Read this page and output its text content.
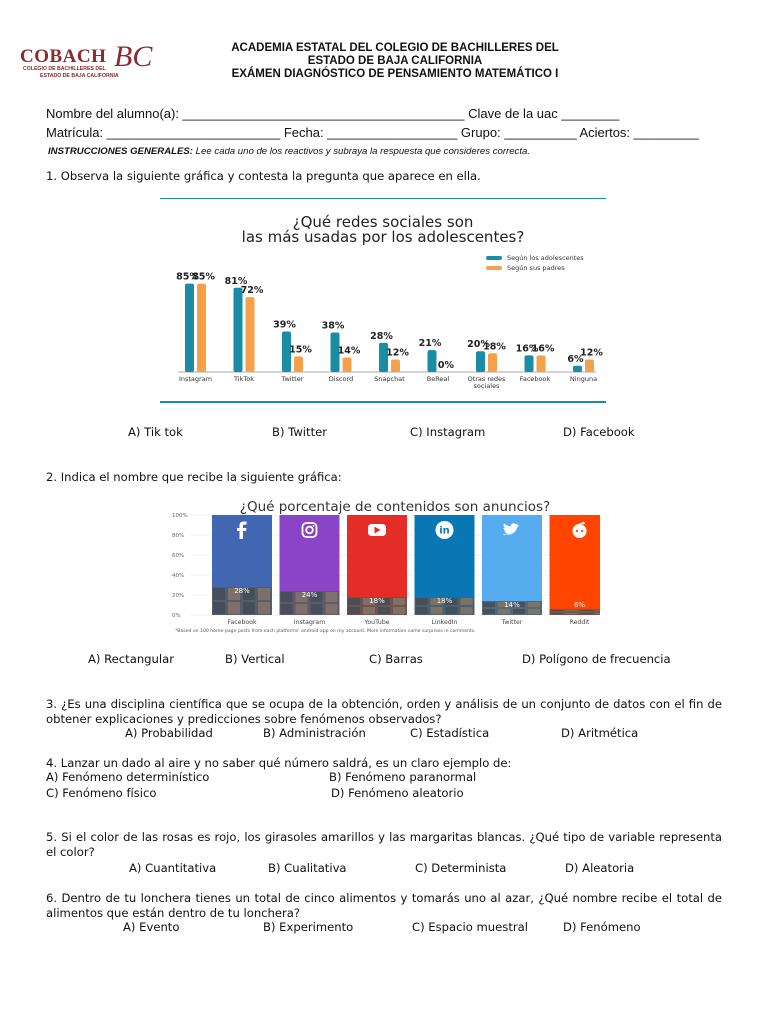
COBACH BC
COLEGIO DE BACHILLERES DEL
ESTADO DE BAJA CALIFORNIA
ACADEMIA ESTATAL DEL COLEGIO DE BACHILLERES DEL
ESTADO DE BAJA CALIFORNIA
EXÁMEN DIAGNÓSTICO DE PENSAMIENTO MATEMÁTICO I
Nombre del alumno(a): _______________________________________ Clave de la uac ________
Matrícula: ________________________ Fecha: __________________ Grupo: __________ Aciertos: _________
INSTRUCCIONES GENERALES: Lee cada uno de los reactivos y subraya la respuesta que consideres correcta.
1. Observa la siguiente gráfica y contesta la pregunta que aparece en ella.
85%
85%
Instagram
81%
72%
TikTok
39%
15%
Twitter
38%
14%
Discord
28%
12%
Snapchat
21%
0%
BeReal
20%
18%
Otras redes
sociales
16%
16%
Facebook
6%
12%
Ninguna
¿Qué redes sociales son
las más usadas por los adolescentes?
Según los adolescentes
Según sus padres
A) Tik tok	B) Twitter	C) Instagram	D) Facebook
2. Indica el nombre que recibe la siguiente gráfica:
¿Qué porcentaje de contenidos son anuncios?
100%
80%
60%
40%
20%
0%
28%
Facebook
24%
Instagram
18%
YouTube
18%
LinkedIn
in
14%
Twitter
6%
Reddit
*Based on 100 home-page posts from each platforms' android app on my account. More information came surprises in comments.
A) Rectangular	B) Vertical	C) Barras	D) Polígono de frecuencia
3. ¿Es una disciplina científica que se ocupa de la obtención, orden y análisis de un conjunto de datos con el fin de obtener explicaciones y predicciones sobre fenómenos observados?
A) Probabilidad	B) Administración	C) Estadística	D) Aritmética
4. Lanzar un dado al aire y no saber qué número saldrá, es un claro ejemplo de:
A) Fenómeno determinístico	B) Fenómeno paranormal
C) Fenómeno físico	D) Fenómeno aleatorio
5. Si el color de las rosas es rojo, los girasoles amarillos y las margaritas blancas. ¿Qué tipo de variable representa el color?
A) Cuantitativa	B) Cualitativa	C) Determinista	D) Aleatoria
6. Dentro de tu lonchera tienes un total de cinco alimentos y tomarás uno al azar, ¿Qué nombre recibe el total de alimentos que están dentro de tu lonchera?
A) Evento	B) Experimento	C) Espacio muestral	D) Fenómeno
